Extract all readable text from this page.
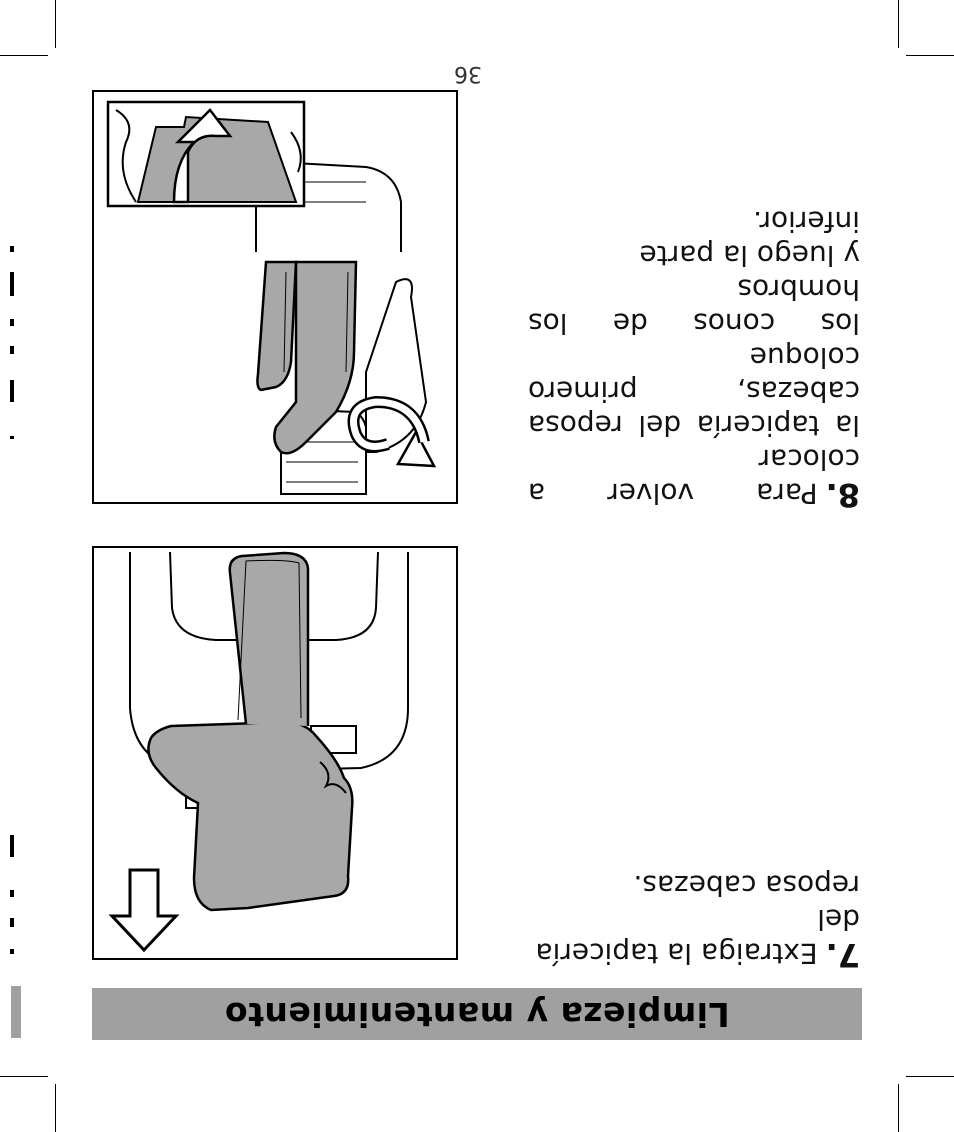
Limpieza y mantenimiento
7.Extraiga la tapicería del
reposa cabezas.
8.Para volver a colocar
la tapicería del reposa
cabezas, primero coloque
los conos de los hombros
y luego la parte inferior.
36
